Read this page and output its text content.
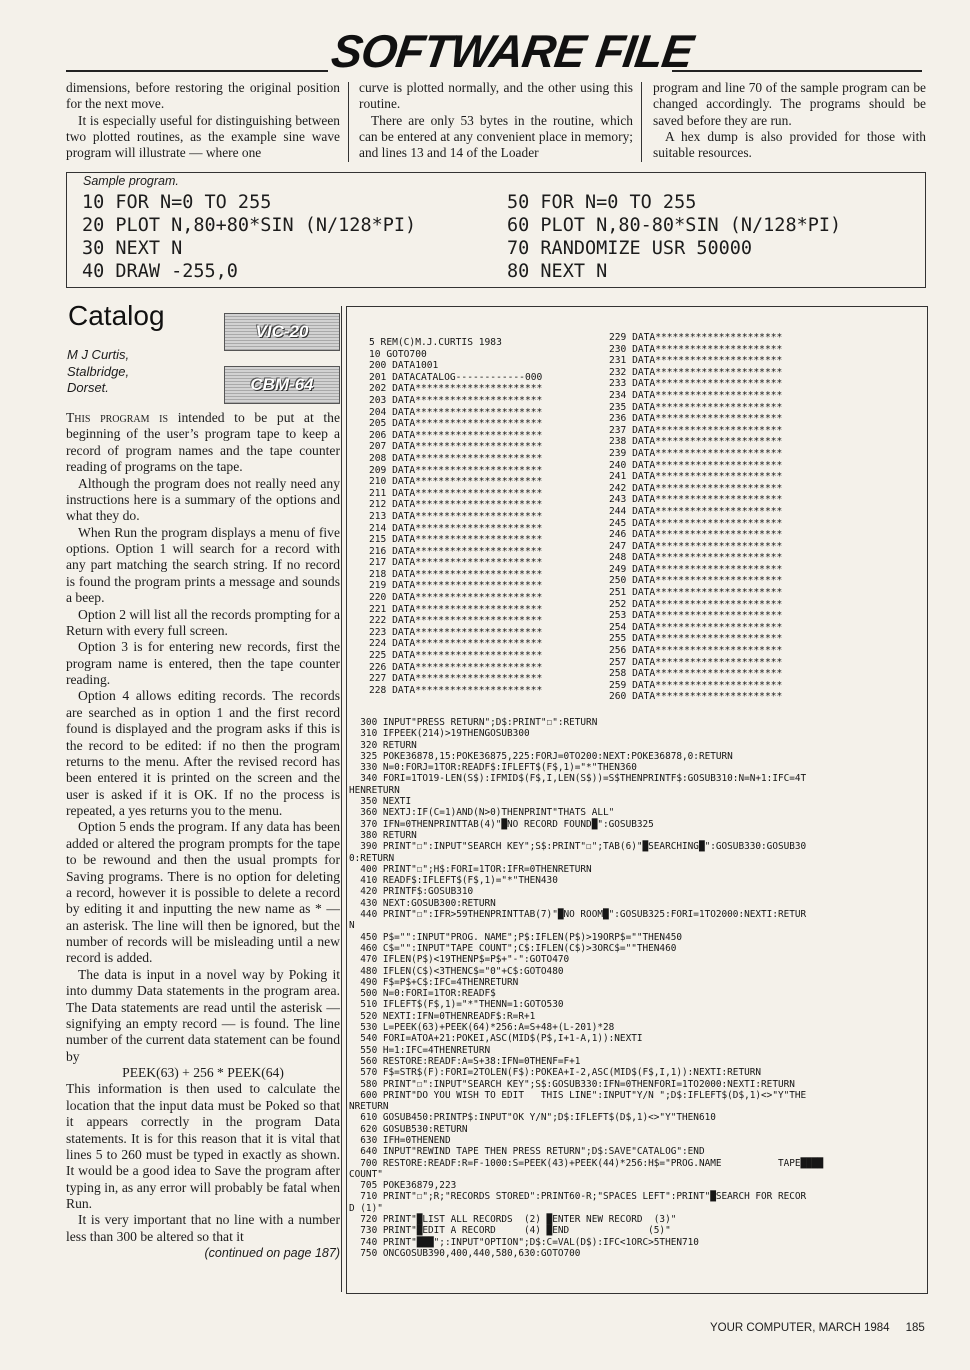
SOFTWARE FILE

dimensions, before restoring the original position for the next move.

It is especially useful for distinguishing between two plotted routines, as the example sine wave program will illustrate — where one

curve is plotted normally, and the other using this routine.

There are only 53 bytes in the routine, which can be entered at any convenient place in memory; and lines 13 and 14 of the Loader

program and line 70 of the sample program can be changed accordingly. The programs should be saved before they are run.

A hex dump is also provided for those with suitable resources.

Sample program.
10 FOR N=0 TO 255
20 PLOT N,80+80*SIN (N/128*PI)
30 NEXT N
40 DRAW -255,0
50 FOR N=0 TO 255
60 PLOT N,80-80*SIN (N/128*PI)
70 RANDOMIZE USR 50000
80 NEXT N
Catalog
VIC-20
CBM-64
M J Curtis,
Stalbridge,
Dorset.

This program is intended to be put at the beginning of the user’s program tape to keep a record of program names and the tape counter reading of programs on the tape.

Although the program does not really need any instructions here is a summary of the options and what they do.

When Run the program displays a menu of five options. Option 1 will search for a record with any part matching the search string. If no record is found the program prints a message and sounds a beep.

Option 2 will list all the records prompting for a Return with every full screen.

Option 3 is for entering new records, first the program name is entered, then the tape counter reading.

Option 4 allows editing records. The records are searched as in option 1 and the first record found is displayed and the program asks if this is the record to be edited: if no then the program returns to the menu. After the revised record has been entered it is printed on the screen and the user is asked if it is OK. If no the process is repeated, a yes returns you to the menu.

Option 5 ends the program. If any data has been added or altered the program prompts for the tape to be rewound and then the usual prompts for Saving programs. There is no option for deleting a record, however it is possible to delete a record by editing it and inputting the new name as * — an asterisk. The line will then be ignored, but the number of records will be misleading until a new record is added.

The data is input in a novel way by Poking it into dummy Data statements in the program area. The Data statements are read until the asterisk — signifying an empty record — is found. The line number of the current data statement can be found by

PEEK(63) + 256 * PEEK(64)

This information is then used to calculate the location that the input data must be Poked so that it appears correctly in the program Data statements. It is for this reason that it is vital that lines 5 to 260 must be typed in exactly as shown. It would be a good idea to Save the program after typing in, as any error will probably be fatal when Run.

It is very important that no line with a number less than 300 be altered so that it

(continued on page 187)

5 REM(C)M.J.CURTIS 1983
10 GOTO700
200 DATA1001
201 DATACATALOG------------000
202 DATA**********************
203 DATA**********************
204 DATA**********************
205 DATA**********************
206 DATA**********************
207 DATA**********************
208 DATA**********************
209 DATA**********************
210 DATA**********************
211 DATA**********************
212 DATA**********************
213 DATA**********************
214 DATA**********************
215 DATA**********************
216 DATA**********************
217 DATA**********************
218 DATA**********************
219 DATA**********************
220 DATA**********************
221 DATA**********************
222 DATA**********************
223 DATA**********************
224 DATA**********************
225 DATA**********************
226 DATA**********************
227 DATA**********************
228 DATA**********************
229 DATA**********************
230 DATA**********************
231 DATA**********************
232 DATA**********************
233 DATA**********************
234 DATA**********************
235 DATA**********************
236 DATA**********************
237 DATA**********************
238 DATA**********************
239 DATA**********************
240 DATA**********************
241 DATA**********************
242 DATA**********************
243 DATA**********************
244 DATA**********************
245 DATA**********************
246 DATA**********************
247 DATA**********************
248 DATA**********************
249 DATA**********************
250 DATA**********************
251 DATA**********************
252 DATA**********************
253 DATA**********************
254 DATA**********************
255 DATA**********************
256 DATA**********************
257 DATA**********************
258 DATA**********************
259 DATA**********************
260 DATA**********************
300 INPUT"PRESS RETURN";D$:PRINT"☐":RETURN
310 IFPEEK(214)>19THENGOSUB300
320 RETURN
325 POKE36878,15:POKE36875,225:FORJ=0TO200:NEXT:POKE36878,0:RETURN
330 N=0:FORJ=1TOR:READF$:IFLEFT$(F$,1)="*"THEN360
340 FORI=1TO19-LEN(S$):IFMID$(F$,I,LEN(S$))=S$THENPRINTF$:GOSUB310:N=N+1:IFC=4T
HENRETURN
350 NEXTI
360 NEXTJ:IF(C=1)AND(N>0)THENPRINT"THATS ALL"
370 IFN=0THENPRINTTAB(4)"█NO RECORD FOUND█":GOSUB325
380 RETURN
390 PRINT"☐":INPUT"SEARCH KEY";S$:PRINT"☐";TAB(6)"█SEARCHING█":GOSUB330:GOSUB30
0:RETURN
400 PRINT"☐";H$:FORI=1TOR:IFR=0THENRETURN
410 READF$:IFLEFT$(F$,1)="*"THEN430
420 PRINTF$:GOSUB310
430 NEXT:GOSUB300:RETURN
440 PRINT"☐":IFR>59THENPRINTTAB(7)"█NO ROOM█":GOSUB325:FORI=1TO2000:NEXTI:RETUR
N
450 P$="":INPUT"PROG. NAME";P$:IFLEN(P$)>19ORP$=""THEN450
460 C$="":INPUT"TAPE COUNT";C$:IFLEN(C$)>3ORC$=""THEN460
470 IFLEN(P$)<19THENP$=P$+"-":GOTO470
480 IFLEN(C$)<3THENC$="0"+C$:GOTO480
490 F$=P$+C$:IFC=4THENRETURN
500 N=0:FORI=1TOR:READF$
510 IFLEFT$(F$,1)="*"THENN=1:GOTO530
520 NEXTI:IFN=0THENREADF$:R=R+1
530 L=PEEK(63)+PEEK(64)*256:A=S+48+(L-201)*28
540 FORI=ATOA+21:POKEI,ASC(MID$(P$,I+1-A,1)):NEXTI
550 H=1:IFC=4THENRETURN
560 RESTORE:READF:A=S+38:IFN=0THENF=F+1
570 F$=STR$(F):FORI=2TOLEN(F$):POKEA+I-2,ASC(MID$(F$,I,1)):NEXTI:RETURN
580 PRINT"☐":INPUT"SEARCH KEY";S$:GOSUB330:IFN=0THENFORI=1TO2000:NEXTI:RETURN
600 PRINT"DO YOU WISH TO EDIT   THIS LINE":INPUT"Y/N ";D$:IFLEFT$(D$,1)<>"Y"THE
NRETURN
610 GOSUB450:PRINTP$:INPUT"OK Y/N";D$:IFLEFT$(D$,1)<>"Y"THEN610
620 GOSUB530:RETURN
630 IFH=0THENEND
640 INPUT"REWIND TAPE THEN PRESS RETURN";D$:SAVE"CATALOG":END
700 RESTORE:READF:R=F-1000:S=PEEK(43)+PEEK(44)*256:H$="PROG.NAME          TAPE████
COUNT"
705 POKE36879,223
710 PRINT"☐";R;"RECORDS STORED":PRINT60-R;"SPACES LEFT":PRINT"█SEARCH FOR RECOR
D (1)"
720 PRINT"█LIST ALL RECORDS  (2) █ENTER NEW RECORD  (3)"
730 PRINT"█EDIT A RECORD     (4) █END              (5)"
740 PRINT"███";:INPUT"OPTION";D$:C=VAL(D$):IFC<1ORC>5THEN710
750 ONCGOSUB390,400,440,580,630:GOTO700
YOUR COMPUTER, MARCH 1984 185
